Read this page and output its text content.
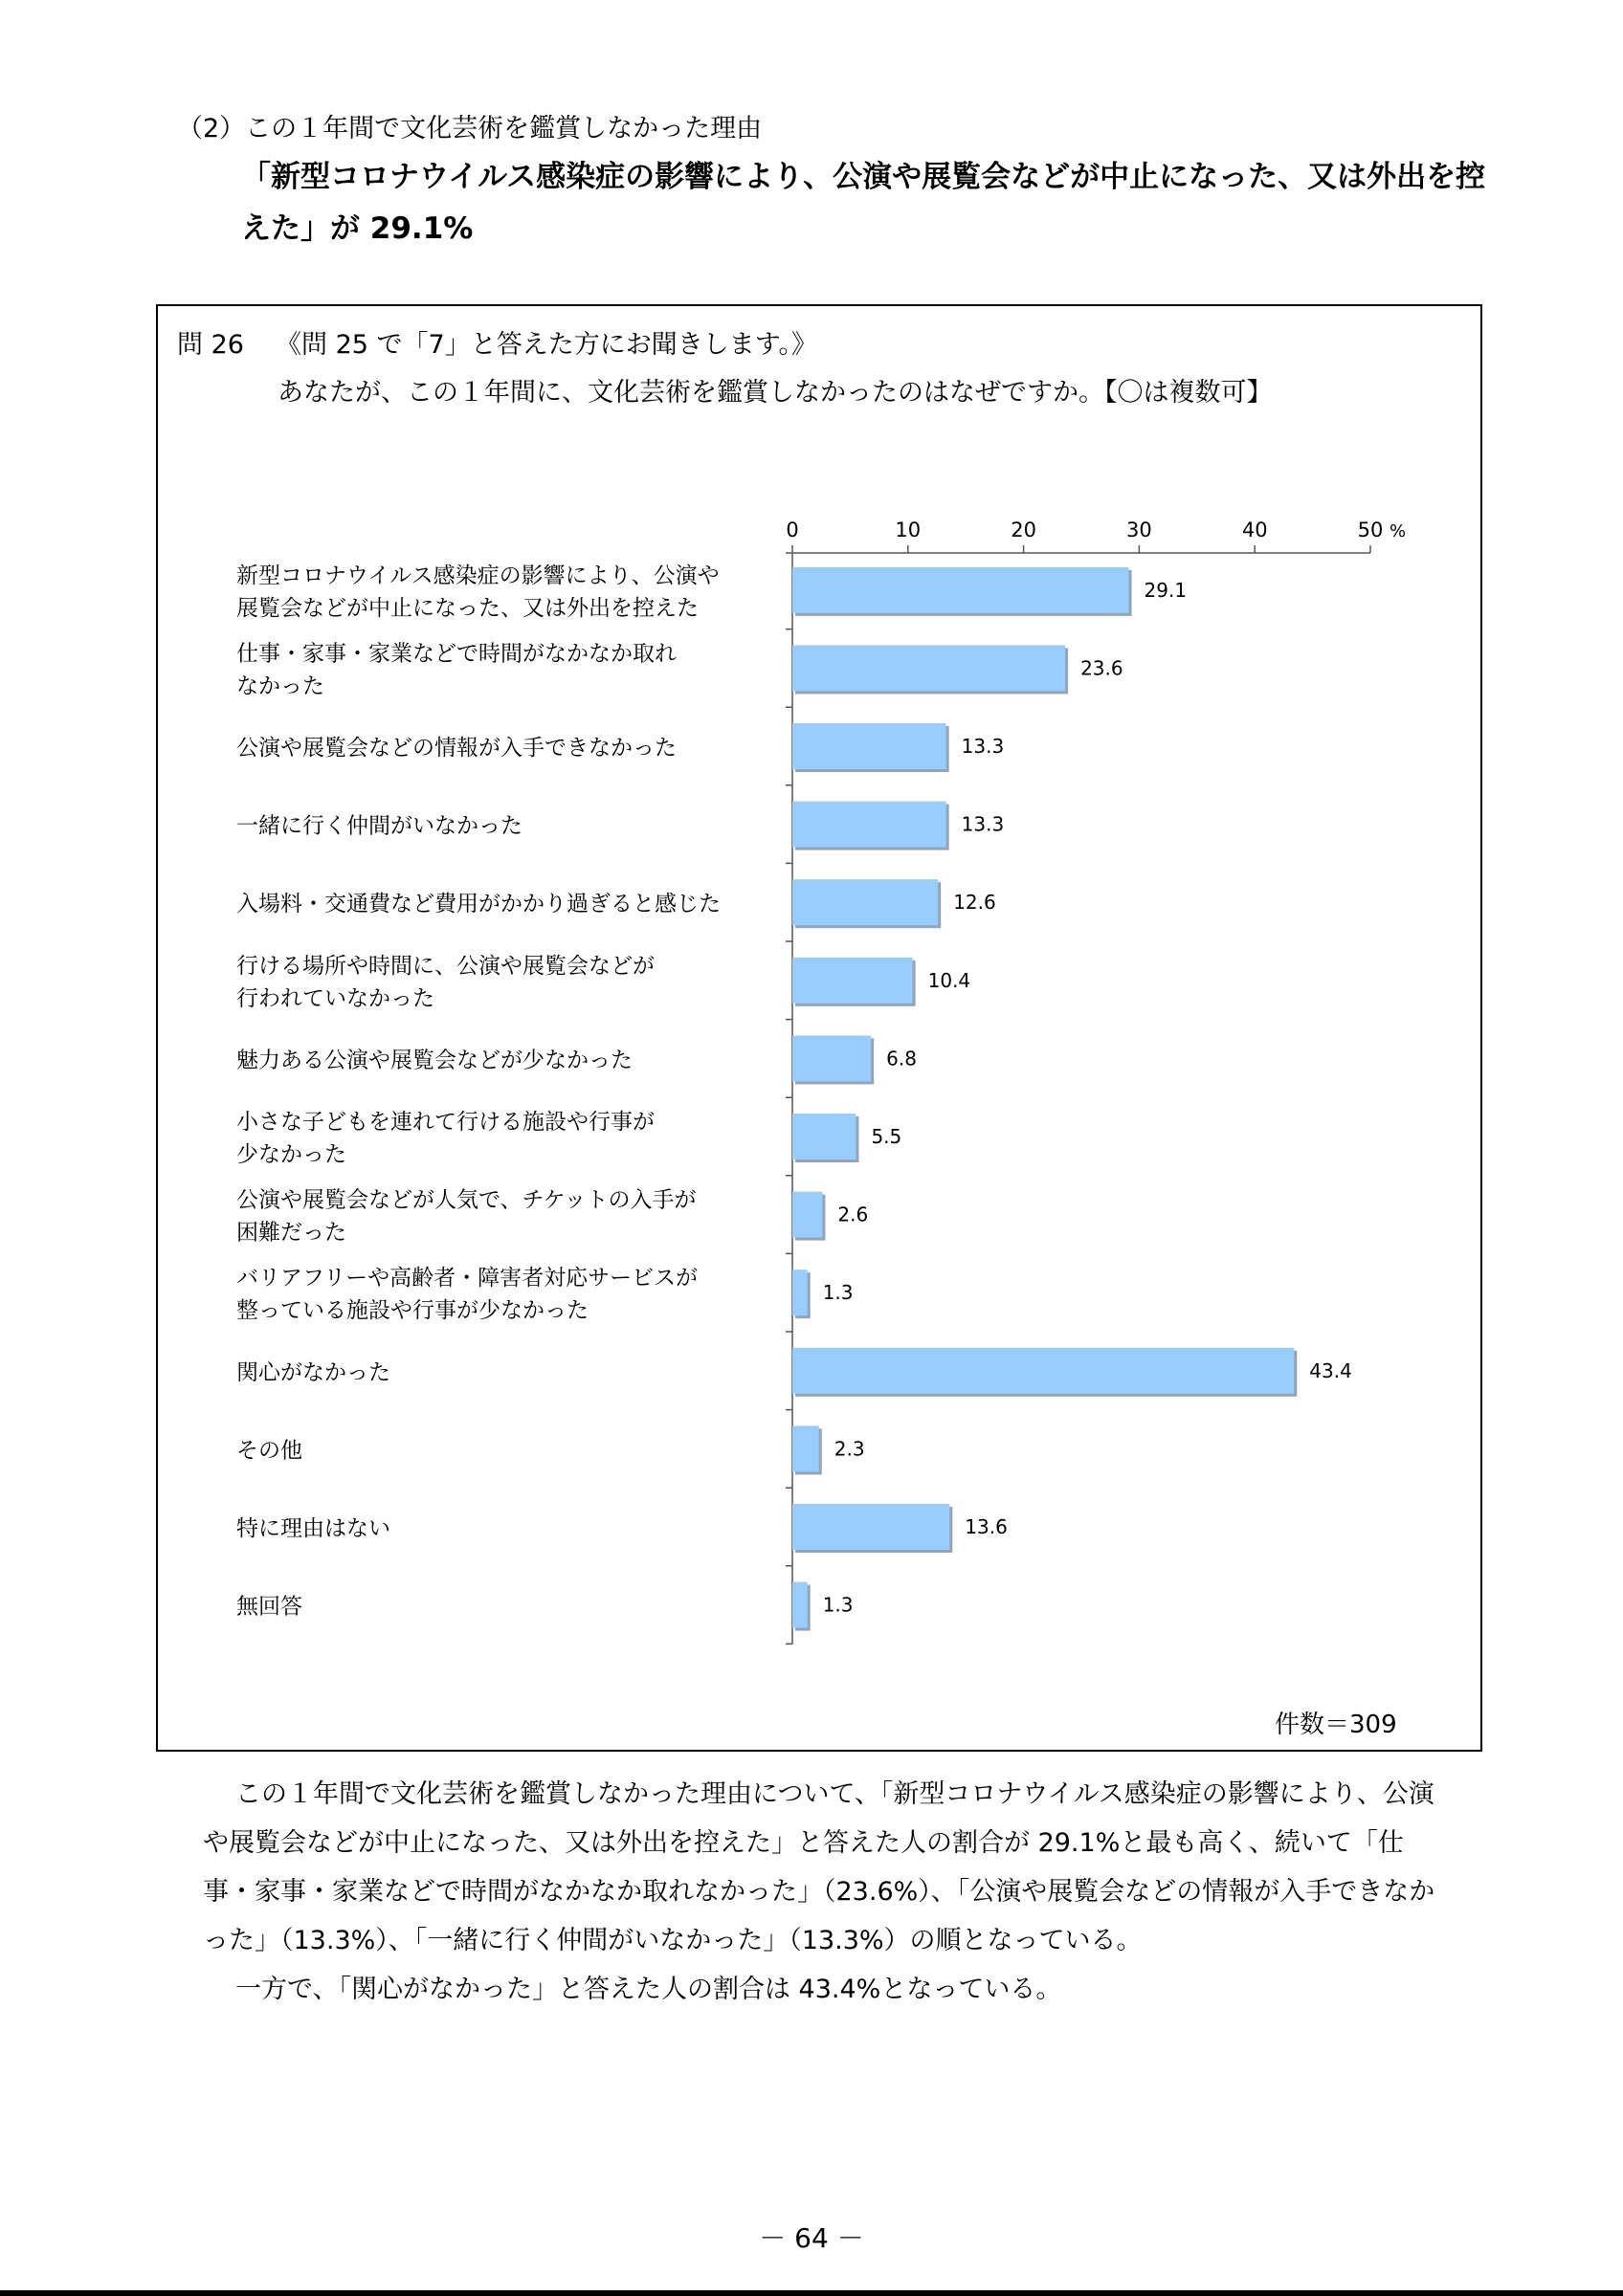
（2）この１年間で文化芸術を鑑賞しなかった理由
「新型コロナウイルス感染症の影響により、公演や展覧会などが中止になった、又は外出を控えた」が 29.1%
問 26 《問 25 で「7」と答えた方にお聞きします。》
あなたが、この１年間に、文化芸術を鑑賞しなかったのはなぜですか。【〇は複数可】
0	10	20	30	40	50 %
29.1
新型コロナウイルス感染症の影響により、公演や展覧会などが中止になった、又は外出を控えた
23.6
仕事・家事・家業などで時間がなかなか取れなかった
13.3
公演や展覧会などの情報が入手できなかった
13.3
一緒に行く仲間がいなかった
12.6
入場料・交通費など費用がかかり過ぎると感じた
10.4
行ける場所や時間に、公演や展覧会などが行われていなかった
6.8
魅力ある公演や展覧会などが少なかった
5.5
小さな子どもを連れて行ける施設や行事が少なかった
2.6
公演や展覧会などが人気で、チケットの入手が困難だった
1.3
バリアフリーや高齢者・障害者対応サービスが整っている施設や行事が少なかった
43.4
関心がなかった
2.3
その他
13.6
特に理由はない
1.3
無回答
件数＝309

この１年間で文化芸術を鑑賞しなかった理由について、「新型コロナウイルス感染症の影響により、公演や展覧会などが中止になった、又は外出を控えた」と答えた人の割合が 29.1%と最も高く、続いて「仕事・家事・家業などで時間がなかなか取れなかった」（23.6%）、「公演や展覧会などの情報が入手できなかった」（13.3%）、「一緒に行く仲間がいなかった」（13.3%）の順となっている。

一方で、「関心がなかった」と答えた人の割合は 43.4%となっている。

－ 64 －
